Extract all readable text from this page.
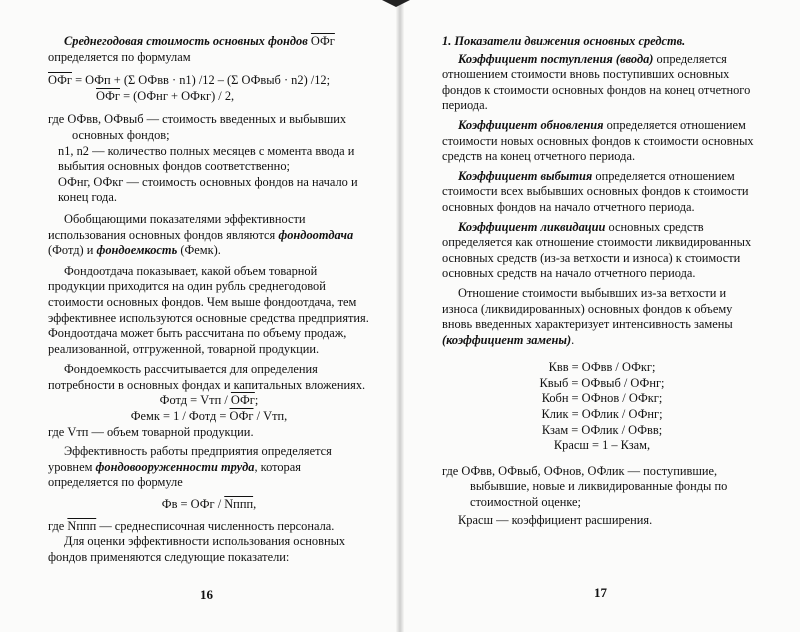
Среднегодовая стоимость основных фондов ОФг
определяется по формулам

ОФг = ОФп + (Σ ОФвв · n1) /12 – (Σ ОФвыб · n2) /12;

ОФг = (ОФнг + ОФкг) / 2,

где ОФвв, ОФвыб — стоимость введенных и выбывших основных фондов;

n1, n2 — количество полных месяцев с момента ввода и выбытия основных фондов соответственно;

ОФнг, ОФкг — стоимость основных фондов на начало и конец года.

Обобщающими показателями эффективности использования основных фондов являются фондоотдача (Фотд) и фондоемкость (Фемк).

Фондоотдача показывает, какой объем товарной продукции приходится на один рубль среднегодовой стоимости основных фондов. Чем выше фондоотдача, тем эффективнее используются основные средства предприятия. Фондоотдача может быть рассчитана по объему продаж, реализованной, отгруженной, товарной продукции.

Фондоемкость рассчитывается для определения потребности в основных фондах и капитальных вложениях.

Фотд = Vтп / ОФг;

Фемк = 1 / Фотд = ОФг / Vтп,

где Vтп — объем товарной продукции.

Эффективность работы предприятия определяется уровнем фондовооруженности труда, которая определяется по формуле

Фв = ОФг / Nппп,

где Nппп — среднесписочная численность персонала.

Для оценки эффективности использования основных фондов применяются следующие показатели:

16

1. Показатели движения основных средств.

Коэффициент поступления (ввода) определяется отношением стоимости вновь поступивших основных фондов к стоимости основных фондов на конец отчетного периода.

Коэффициент обновления определяется отношением стоимости новых основных фондов к стоимости основных средств на конец отчетного периода.

Коэффициент выбытия определяется отношением стоимости всех выбывших основных фондов к стоимости основных фондов на начало отчетного периода.

Коэффициент ликвидации основных средств определяется как отношение стоимости ликвидированных основных средств (из-за ветхости и износа) к стоимости основных средств на начало отчетного периода.

Отношение стоимости выбывших из-за ветхости и износа (ликвидированных) основных фондов к объему вновь введенных характеризует интенсивность замены (коэффициент замены).

Квв = ОФвв / ОФкг;

Квыб = ОФвыб / ОФнг;

Кобн = ОФнов / ОФкг;

Клик = ОФлик / ОФнг;

Кзам = ОФлик / ОФвв;

Красш = 1 – Кзам,

где ОФвв, ОФвыб, ОФнов, ОФлик — поступившие, выбывшие, новые и ликвидированные фонды по стоимостной оценке;

Красш — коэффициент расширения.

17
